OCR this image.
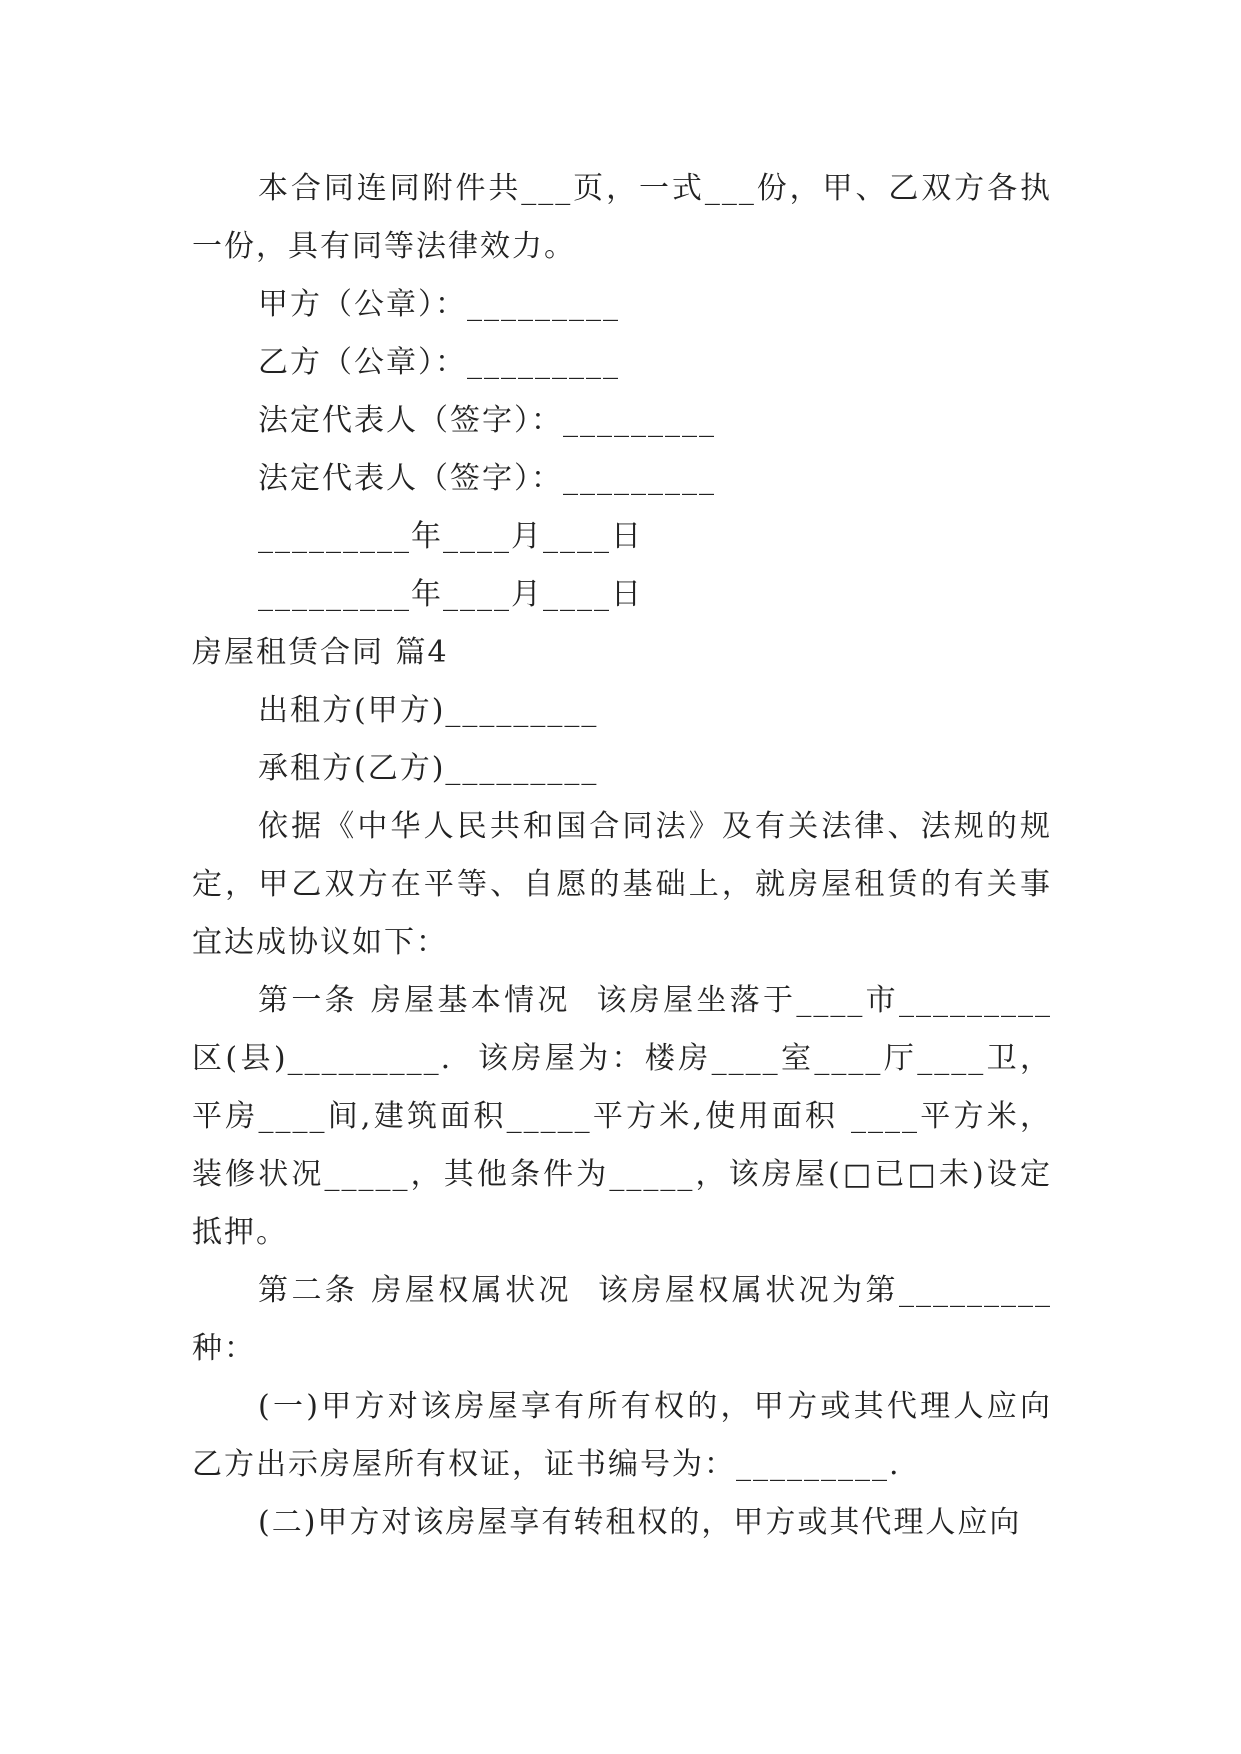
本合同连同附件共___页，一式___份，甲、乙双方各执一份，具有同等法律效力。

甲方（公章）：_________

乙方（公章）：_________

法定代表人（签字）：_________

法定代表人（签字）：_________

_________年____月____日

_________年____月____日

房屋租赁合同 篇4

出租方(甲方)_________

承租方(乙方)_________

依据《中华人民共和国合同法》及有关法律、法规的规定，甲乙双方在平等、自愿的基础上，就房屋租赁的有关事宜达成协议如下：

第一条 房屋基本情况  该房屋坐落于____市_________区(县)_________.  该房屋为：楼房____室____厅____卫，平房____间,建筑面积_____平方米,使用面积 ____平方米，装修状况_____，其他条件为_____，该房屋(□已□未)设定抵押。

第二条 房屋权属状况  该房屋权属状况为第_________种：

(一)甲方对该房屋享有所有权的，甲方或其代理人应向乙方出示房屋所有权证，证书编号为：_________.

(二)甲方对该房屋享有转租权的，甲方或其代理人应向
